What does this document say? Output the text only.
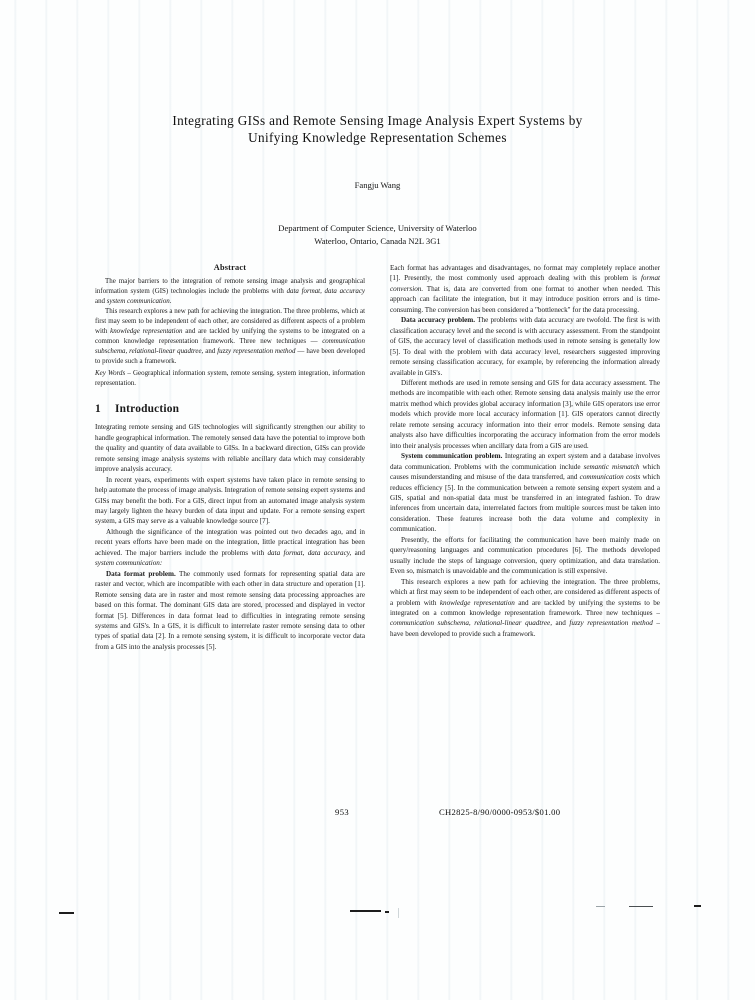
Integrating GISs and Remote Sensing Image Analysis Expert Systems by
Unifying Knowledge Representation Schemes
Fangju Wang
Department of Computer Science, University of Waterloo
Waterloo, Ontario, Canada N2L 3G1
Abstract

The major barriers to the integration of remote sensing image analysis and geographical information system (GIS) technologies include the problems with data format, data accuracy and system communication.

This research explores a new path for achieving the integration. The three problems, which at first may seem to be independent of each other, are considered as different aspects of a problem with knowledge representation and are tackled by unifying the systems to be integrated on a common knowledge representation framework. Three new techniques — communication subschema, relational-linear quadtree, and fuzzy representation method — have been developed to provide such a framework.

Key Words – Geographical information system, remote sensing, system integration, information representation.

1 Introduction

Integrating remote sensing and GIS technologies will significantly strengthen our ability to handle geographical information. The remotely sensed data have the potential to improve both the quality and quantity of data available to GISs. In a backward direction, GISs can provide remote sensing image analysis systems with reliable ancillary data which may considerably improve analysis accuracy.

In recent years, experiments with expert systems have taken place in remote sensing to help automate the process of image analysis. Integration of remote sensing expert systems and GISs may benefit the both. For a GIS, direct input from an automated image analysis system may largely lighten the heavy burden of data input and update. For a remote sensing expert system, a GIS may serve as a valuable knowledge source [7].

Although the significance of the integration was pointed out two decades ago, and in recent years efforts have been made on the integration, little practical integration has been achieved. The major barriers include the problems with data format, data accuracy, and system communication:

Data format problem. The commonly used formats for representing spatial data are raster and vector, which are incompatible with each other in data structure and operation [1]. Remote sensing data are in raster and most remote sensing data processing approaches are based on this format. The dominant GIS data are stored, processed and displayed in vector format [5]. Differences in data format lead to difficulties in integrating remote sensing systems and GIS's. In a GIS, it is difficult to interrelate raster remote sensing data to other types of spatial data [2]. In a remote sensing system, it is difficult to incorporate vector data from a GIS into the analysis processes [5].

Each format has advantages and disadvantages, no format may completely replace another [1]. Presently, the most commonly used approach dealing with this problem is format conversion. That is, data are converted from one format to another when needed. This approach can facilitate the integration, but it may introduce position errors and is time-consuming. The conversion has been considered a "bottleneck" for the data processing.

Data accuracy problem. The problems with data accuracy are twofold. The first is with classification accuracy level and the second is with accuracy assessment. From the standpoint of GIS, the accuracy level of classification methods used in remote sensing is generally low [5]. To deal with the problem with data accuracy level, researchers suggested improving remote sensing classification accuracy, for example, by referencing the information already available in GIS's.

Different methods are used in remote sensing and GIS for data accuracy assessment. The methods are incompatible with each other. Remote sensing data analysis mainly use the error matrix method which provides global accuracy information [3], while GIS operators use error models which provide more local accuracy information [1]. GIS operators cannot directly relate remote sensing accuracy information into their error models. Remote sensing data analysts also have difficulties incorporating the accuracy information from the error models into their analysis processes when ancillary data from a GIS are used.

System communication problem. Integrating an expert system and a database involves data communication. Problems with the communication include semantic mismatch which causes misunderstanding and misuse of the data transferred, and communication costs which reduces efficiency [5]. In the communication between a remote sensing expert system and a GIS, spatial and non-spatial data must be transferred in an integrated fashion. To draw inferences from uncertain data, interrelated factors from multiple sources must be taken into consideration. These features increase both the data volume and complexity in communication.

Presently, the efforts for facilitating the communication have been mainly made on query/reasoning languages and communication procedures [6]. The methods developed usually include the steps of language conversion, query optimization, and data translation. Even so, mismatch is unavoidable and the communication is still expensive.

This research explores a new path for achieving the integration. The three problems, which at first may seem to be independent of each other, are considered as different aspects of a problem with knowledge representation and are tackled by unifying the systems to be integrated on a common knowledge representation framework. Three new techniques – communication subschema, relational-linear quadtree, and fuzzy representation method – have been developed to provide such a framework.

953	CH2825-8/90/0000-0953/$01.00
